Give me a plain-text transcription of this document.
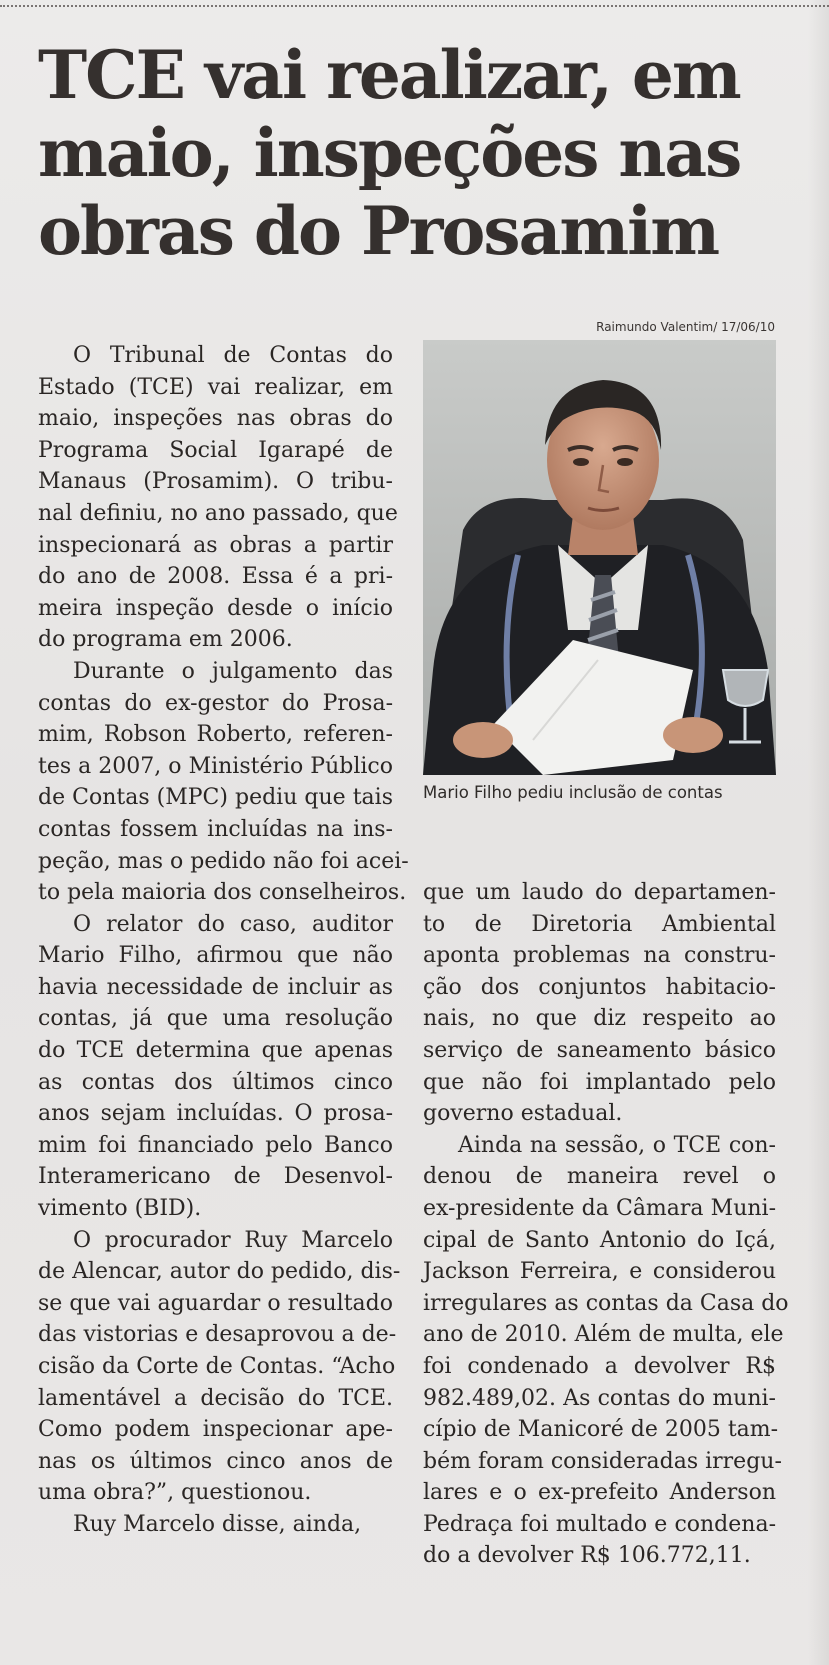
TCE vai realizar, em
maio, inspeções nas
obras do Prosamim
Raimundo Valentim/ 17/06/10
Mario Filho pediu inclusão de contas

O Tribunal de Contas do
Estado (TCE) vai realizar, em
maio, inspeções nas obras do
Programa Social Igarapé de
Manaus (Prosamim). O tribu-
nal definiu, no ano passado, que
inspecionará as obras a partir
do ano de 2008. Essa é a pri-
meira inspeção desde o início
do programa em 2006.

Durante o julgamento das
contas do ex-gestor do Prosa-
mim, Robson Roberto, referen-
tes a 2007, o Ministério Público
de Contas (MPC) pediu que tais
contas fossem incluídas na ins-
peção, mas o pedido não foi acei-
to pela maioria dos conselheiros.

O relator do caso, auditor
Mario Filho, afirmou que não
havia necessidade de incluir as
contas, já que uma resolução
do TCE determina que apenas
as contas dos últimos cinco
anos sejam incluídas. O prosa-
mim foi financiado pelo Banco
Interamericano de Desenvol-
vimento (BID).

O procurador Ruy Marcelo
de Alencar, autor do pedido, dis-
se que vai aguardar o resultado
das vistorias e desaprovou a de-
cisão da Corte de Contas. “Acho
lamentável a decisão do TCE.
Como podem inspecionar ape-
nas os últimos cinco anos de
uma obra?”, questionou.

Ruy Marcelo disse, ainda,

que um laudo do departamen-
to de Diretoria Ambiental
aponta problemas na constru-
ção dos conjuntos habitacio-
nais, no que diz respeito ao
serviço de saneamento básico
que não foi implantado pelo
governo estadual.

Ainda na sessão, o TCE con-
denou de maneira revel o
ex-presidente da Câmara Muni-
cipal de Santo Antonio do Içá,
Jackson Ferreira, e considerou
irregulares as contas da Casa do
ano de 2010. Além de multa, ele
foi condenado a devolver R$
982.489,02. As contas do muni-
cípio de Manicoré de 2005 tam-
bém foram consideradas irregu-
lares e o ex-prefeito Anderson
Pedraça foi multado e condena-
do a devolver R$ 106.772,11.
